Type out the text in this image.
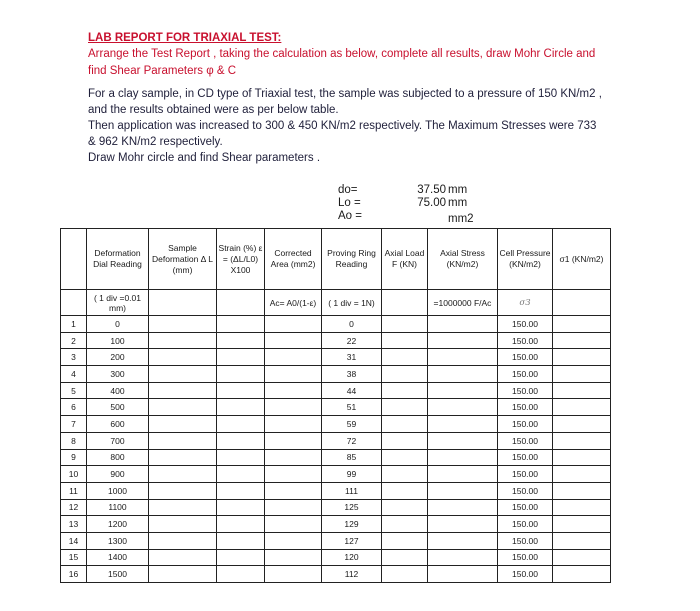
LAB REPORT FOR TRIAXIAL TEST:
Arrange the Test Report , taking the calculation as below, complete all results, draw Mohr Circle and
find Shear Parameters φ & C
For a clay sample, in CD type of Triaxial test, the sample was subjected to a pressure of 150 KN/m2 ,
and the results obtained were as per below table.
Then application was increased to 300 & 450 KN/m2 respectively. The Maximum Stresses were 733
& 962 KN/m2 respectively.
Draw Mohr circle and find Shear parameters .
do=	37.50 mm
Lo =	75.00 mm
Ao =	mm2
	Deformation Dial Reading	Sample Deformation Δ L (mm)	Strain (%) ε = (ΔL/L0) X100	Corrected Area (mm2)	Proving Ring Reading	Axial Load F (KN)	Axial Stress (KN/m2)	Cell Pressure (KN/m2)	σ1 (KN/m2)
	( 1 div =0.01 mm)			Ac= A0/(1-ε)	( 1 div = 1N)		=1000000 F/Ac	σ3	
1	0				0			150.00	
2	100				22			150.00	
3	200				31			150.00	
4	300				38			150.00	
5	400				44			150.00	
6	500				51			150.00	
7	600				59			150.00	
8	700				72			150.00	
9	800				85			150.00	
10	900				99			150.00	
11	1000				111			150.00	
12	1100				125			150.00	
13	1200				129			150.00	
14	1300				127			150.00	
15	1400				120			150.00	
16	1500				112			150.00	
